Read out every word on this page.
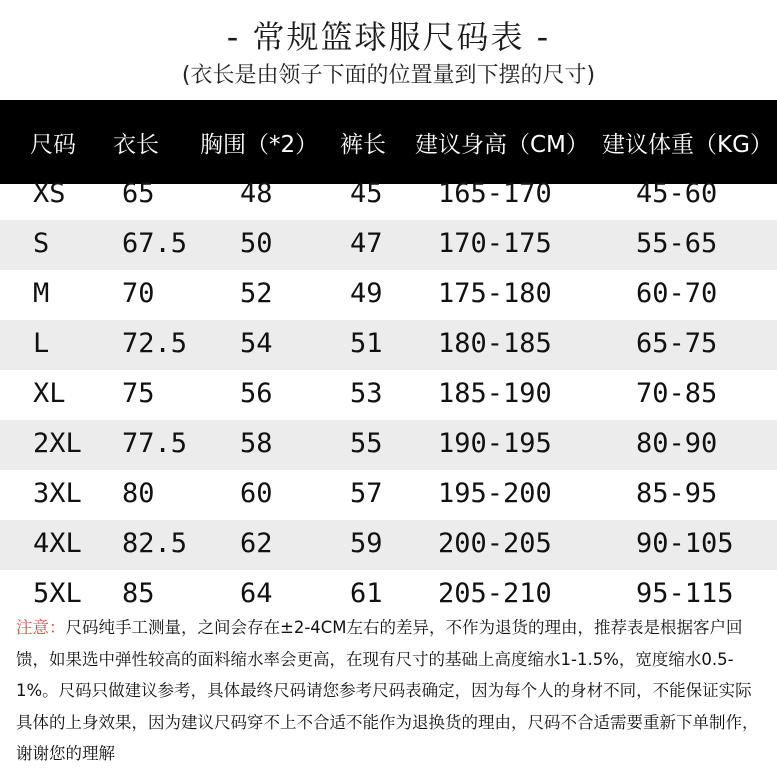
- 常规篮球服尺码表 -
(衣长是由领子下面的位置量到下摆的尺寸)
尺码 衣长 胸围（*2） 裤长 建议身高（CM） 建议体重（KG）
XS 65	48	45 165-170	45-60
S	67.5 50	47 170-175	55-65
M	70	52	49 175-180	60-70
L	72.5 54	51 180-185	65-75
XL 75	56	53 185-190	70-85
2XL 77.5 58	55 190-195	80-90
3XL 80	60	57 195-200	85-95
4XL 82.5 62	59 200-205	90-105
5XL 85	64	61 205-210	95-115
注意：尺码纯手工测量，之间会存在±2-4CM左右的差异，不作为退货的理由，推荐表是根据客户回馈，如果选中弹性较高的面料缩水率会更高，在现有尺寸的基础上高度缩水1-1.5%，宽度缩水0.5-1%。尺码只做建议参考，具体最终尺码请您参考尺码表确定，因为每个人的身材不同，不能保证实际具体的上身效果，因为建议尺码穿不上不合适不能作为退换货的理由，尺码不合适需要重新下单制作，谢谢您的理解
